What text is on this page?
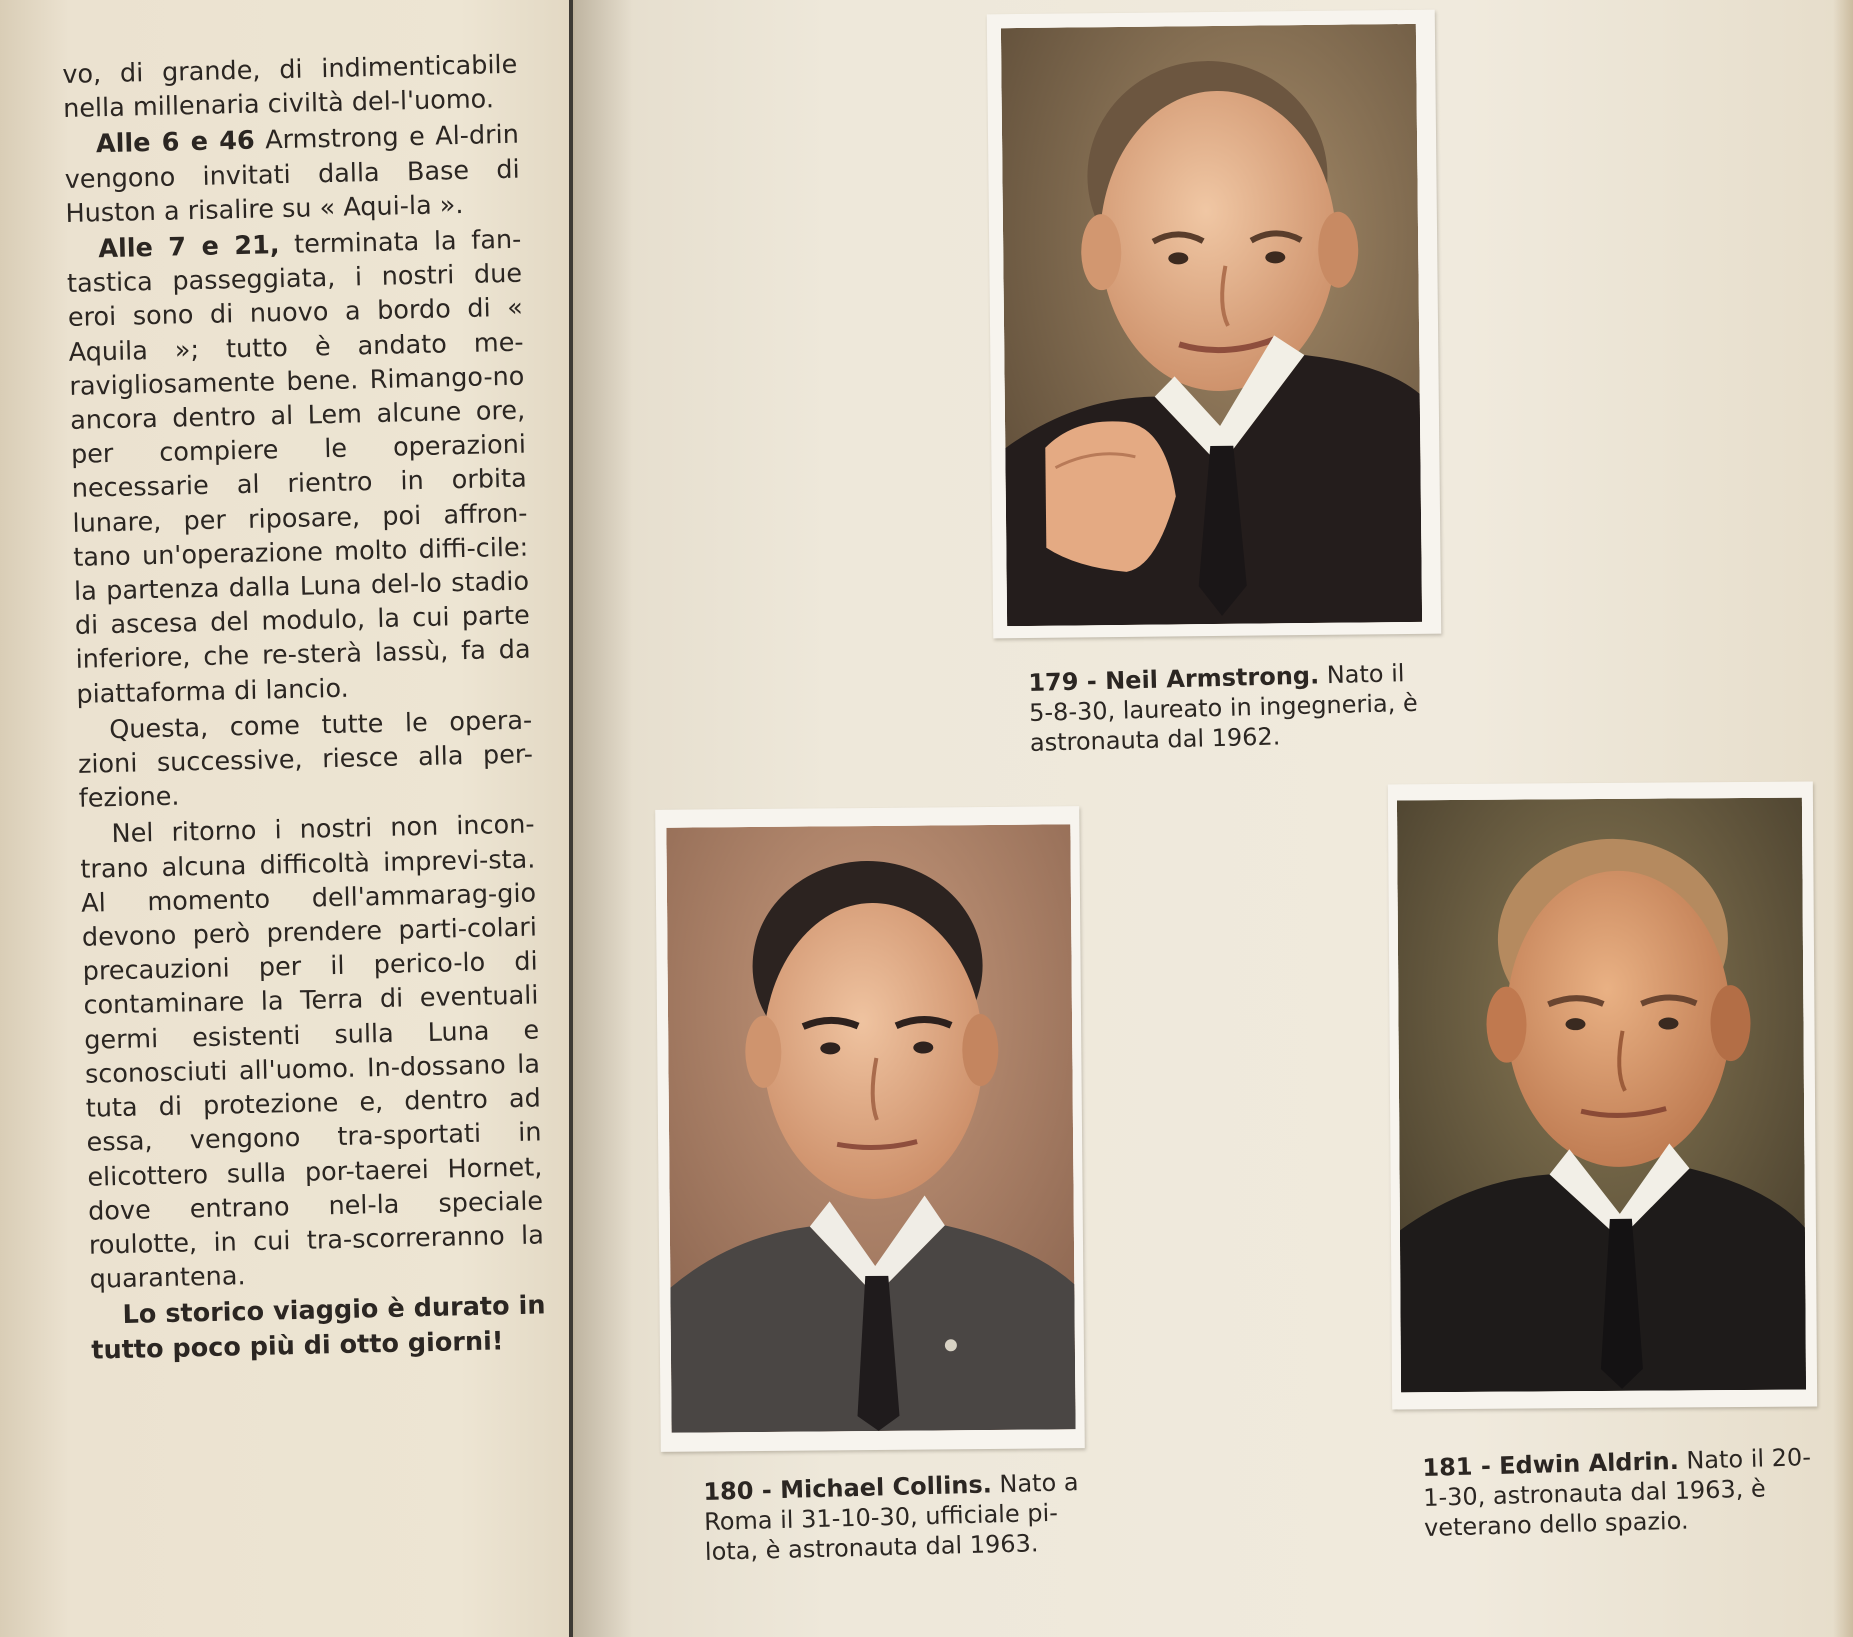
vo, di grande, di indimenticabile nella millenaria civiltà del-l'uomo.

Alle 6 e 46 Armstrong e Al-drin vengono invitati dalla Base di Huston a risalire su « Aqui-la ».

Alle 7 e 21, terminata la fan-tastica passeggiata, i nostri due eroi sono di nuovo a bordo di « Aquila »; tutto è andato me-ravigliosamente bene. Rimango-no ancora dentro al Lem alcune ore, per compiere le operazioni necessarie al rientro in orbita lunare, per riposare, poi affron-tano un'operazione molto diffi-cile: la partenza dalla Luna del-lo stadio di ascesa del modulo, la cui parte inferiore, che re-sterà lassù, fa da piattaforma di lancio.

Questa, come tutte le opera-zioni successive, riesce alla per-fezione.

Nel ritorno i nostri non incon-trano alcuna difficoltà imprevi-sta. Al momento dell'ammarag-gio devono però prendere parti-colari precauzioni per il perico-lo di contaminare la Terra di eventuali germi esistenti sulla Luna e sconosciuti all'uomo. In-dossano la tuta di protezione e, dentro ad essa, vengono tra-sportati in elicottero sulla por-taerei Hornet, dove entrano nel-la speciale roulotte, in cui tra-scorreranno la quarantena.

Lo storico viaggio è durato in tutto poco più di otto giorni!

179 - Neil Armstrong. Nato il 5-8-30, laureato in ingegneria, è astronauta dal 1962.
180 - Michael Collins. Nato a Roma il 31-10-30, ufficiale pi-lota, è astronauta dal 1963.
181 - Edwin Aldrin. Nato il 20-1-30, astronauta dal 1963, è veterano dello spazio.
